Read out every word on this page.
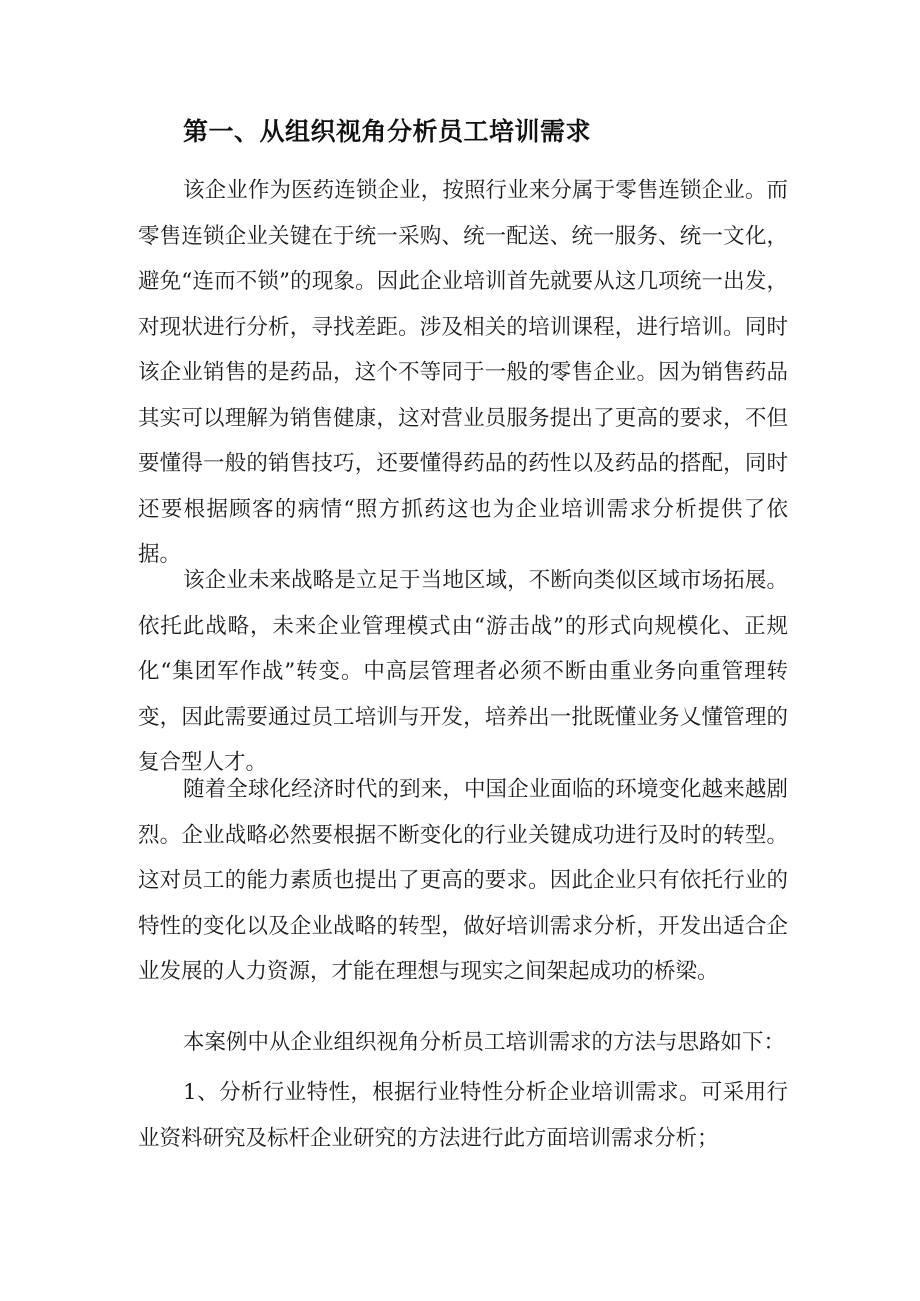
第一、从组织视角分析员工培训需求

该企业作为医药连锁企业，按照行业来分属于零售连锁企业。而零售连锁企业关键在于统一采购、统一配送、统一服务、统一文化，避免“连而不锁”的现象。因此企业培训首先就要从这几项统一出发，对现状进行分析，寻找差距。涉及相关的培训课程，进行培训。同时该企业销售的是药品，这个不等同于一般的零售企业。因为销售药品其实可以理解为销售健康，这对营业员服务提出了更高的要求，不但要懂得一般的销售技巧，还要懂得药品的药性以及药品的搭配，同时还要根据顾客的病情“照方抓药这也为企业培训需求分析提供了依据。

该企业未来战略是立足于当地区域，不断向类似区域市场拓展。依托此战略，未来企业管理模式由“游击战”的形式向规模化、正规化“集团军作战”转变。中高层管理者必须不断由重业务向重管理转变，因此需要通过员工培训与开发，培养出一批既懂业务乂懂管理的复合型人才。

随着全球化经济时代的到来，中国企业面临的环境变化越来越剧烈。企业战略必然要根据不断变化的行业关键成功进行及时的转型。这对员工的能力素质也提出了更高的要求。因此企业只有依托行业的特性的变化以及企业战略的转型，做好培训需求分析，开发出适合企业发展的人力资源，才能在理想与现实之间架起成功的桥梁。

本案例中从企业组织视角分析员工培训需求的方法与思路如下：

1、分析行业特性，根据行业特性分析企业培训需求。可采用行业资料研究及标杆企业研究的方法进行此方面培训需求分析；
